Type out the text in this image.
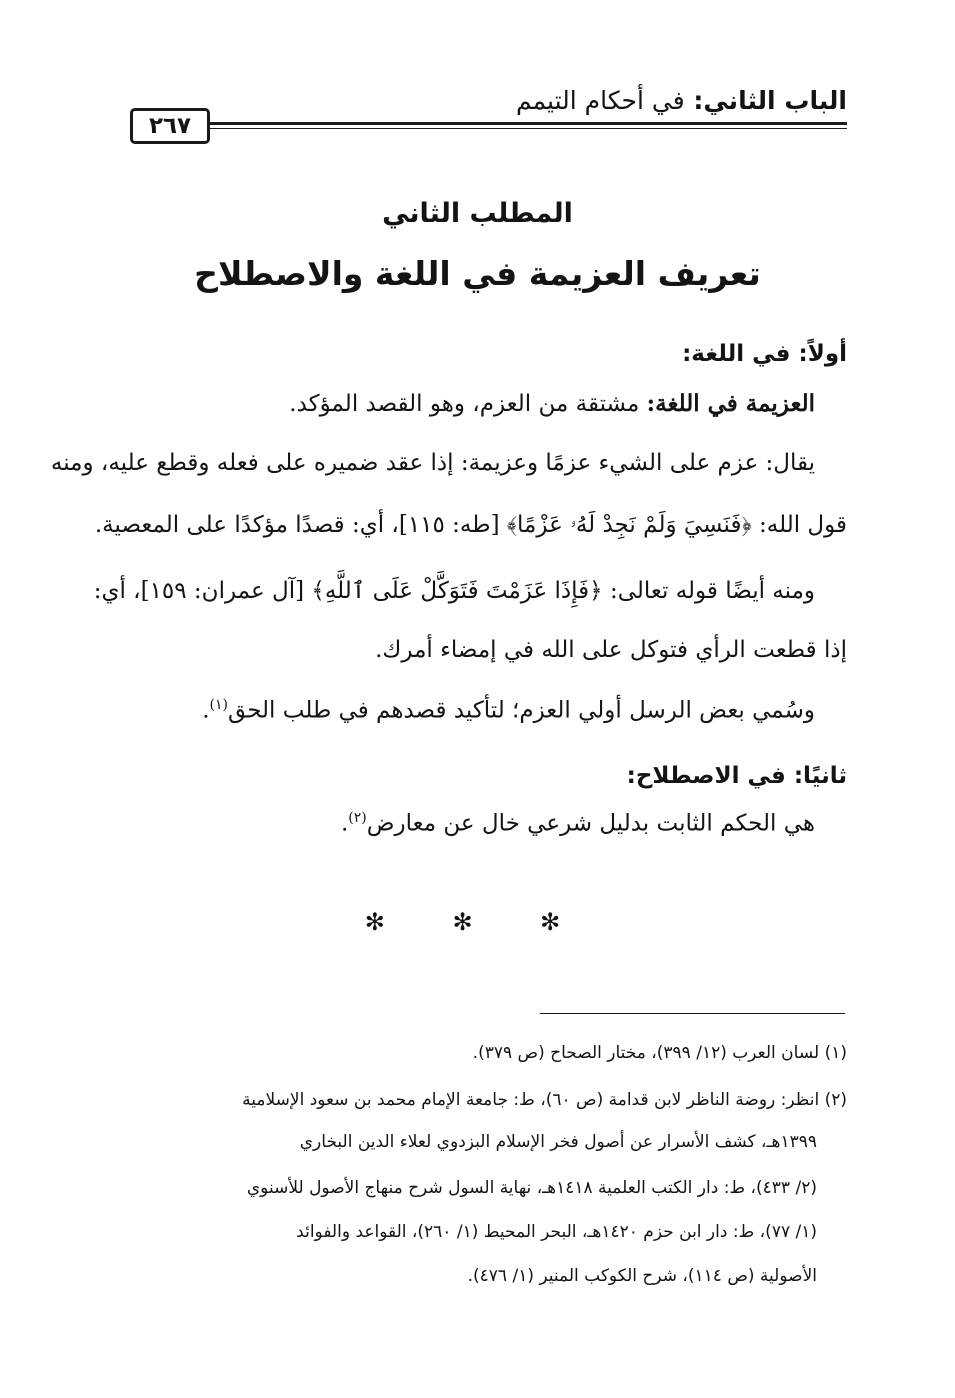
الباب الثاني: في أحكام التيمم
٢٦٧
المطلب الثاني
تعريف العزيمة في اللغة والاصطلاح
أولاً: في اللغة:
العزيمة في اللغة: مشتقة من العزم، وهو القصد المؤكد.
يقال: عزم على الشيء عزمًا وعزيمة: إذا عقد ضميره على فعله وقطع عليه، ومنه
قول الله: ﴿فَنَسِيَ وَلَمْ نَجِدْ لَهُۥ عَزْمًا﴾ [طه: ١١٥]، أي: قصدًا مؤكدًا على المعصية.
ومنه أيضًا قوله تعالى: ﴿فَإِذَا عَزَمْتَ فَتَوَكَّلْ عَلَى ٱللَّهِ﴾ [آل عمران: ١٥٩]، أي:
إذا قطعت الرأي فتوكل على الله في إمضاء أمرك.
وسُمي بعض الرسل أولي العزم؛ لتأكيد قصدهم في طلب الحق$^{(١)}$.
ثانيًا: في الاصطلاح:
هي الحكم الثابت بدليل شرعي خال عن معارض$^{(٢)}$.
✻ ✻ ✻
(١) لسان العرب (١٢/ ٣٩٩)، مختار الصحاح (ص ٣٧٩).
(٢) انظر: روضة الناظر لابن قدامة (ص ٦٠)، ط: جامعة الإمام محمد بن سعود الإسلامية
١٣٩٩هـ، كشف الأسرار عن أصول فخر الإسلام البزدوي لعلاء الدين البخاري
(٢/ ٤٣٣)، ط: دار الكتب العلمية ١٤١٨هـ، نهاية السول شرح منهاج الأصول للأسنوي
(١/ ٧٧)، ط: دار ابن حزم ١٤٢٠هـ، البحر المحيط (١/ ٢٦٠)، القواعد والفوائد
الأصولية (ص ١١٤)، شرح الكوكب المنير (١/ ٤٧٦).
